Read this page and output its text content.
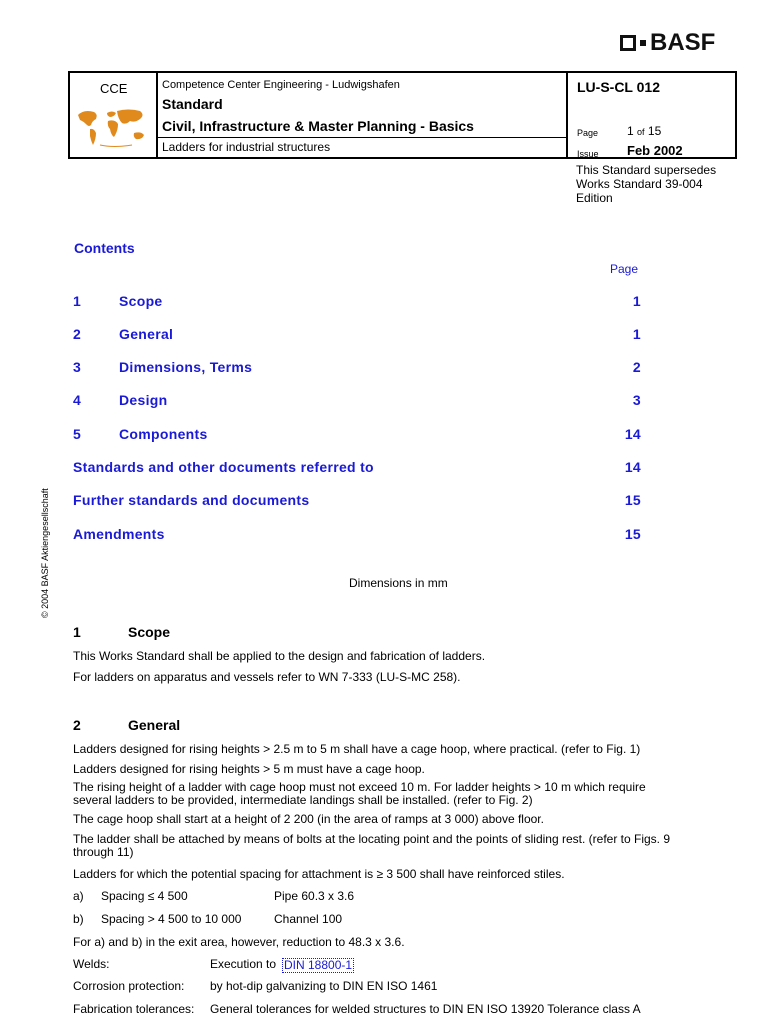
BASF
CCE	Competence Center Engineering - Ludwigshafen
Standard
Civil, Infrastructure & Master Planning - Basics
Ladders for industrial structures
LU-S-CL 012
Page 1 of 15
Issue Feb 2002
This Standard supersedes
Works Standard 39-004
Edition
Contents
Page
1	Scope	1
2	General	1
3	Dimensions, Terms	2
4	Design	3
5	Components	14
Standards and other documents referred to	14
Further standards and documents	15
Amendments	15
Dimensions in mm
© 2004 BASF Aktiengesellschaft
1	Scope
This Works Standard shall be applied to the design and fabrication of ladders.
For ladders on apparatus and vessels refer to WN 7-333 (LU-S-MC 258).
2	General
Ladders designed for rising heights > 2.5 m to 5 m shall have a cage hoop, where practical. (refer to Fig. 1)
Ladders designed for rising heights > 5 m must have a cage hoop.
The rising height of a ladder with cage hoop must not exceed 10 m. For ladder heights > 10 m which require
several ladders to be provided, intermediate landings shall be installed. (refer to Fig. 2)
The cage hoop shall start at a height of 2 200 (in the area of ramps at 3 000) above floor.
The ladder shall be attached by means of bolts at the locating point and the points of sliding rest. (refer to Figs. 9
through 11)
Ladders for which the potential spacing for attachment is ≥ 3 500 shall have reinforced stiles.
a) Spacing ≤ 4 500	Pipe 60.3 x 3.6
b) Spacing > 4 500 to 10 000	Channel 100
For a) and b) in the exit area, however, reduction to 48.3 x 3.6.
Welds:	Execution to DIN 18800-1
Corrosion protection: by hot-dip galvanizing to DIN EN ISO 1461
Fabrication tolerances: General tolerances for welded structures to DIN EN ISO 13920 Tolerance class A
